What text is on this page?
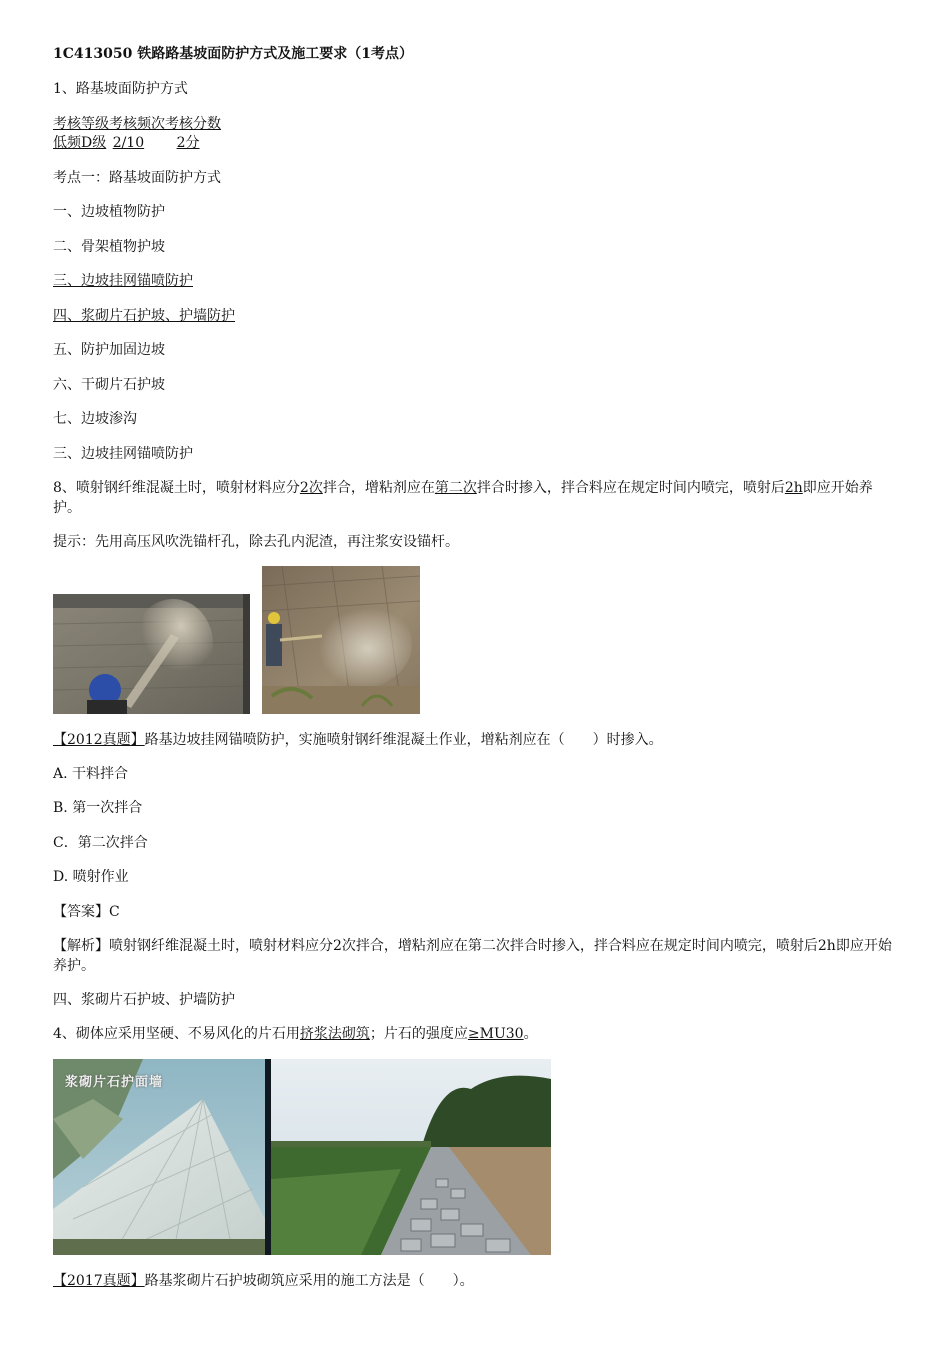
1C413050 铁路路基坡面防护方式及施工要求（1考点）
1、路基坡面防护方式
考核等级考核频次考核分数
低频D级 2/10 2分
考点一：路基坡面防护方式
一、边坡植物防护
二、骨架植物护坡
三、边坡挂网锚喷防护
四、浆砌片石护坡、护墙防护
五、防护加固边坡
六、干砌片石护坡
七、边坡渗沟
三、边坡挂网锚喷防护
8、喷射钢纤维混凝土时，喷射材料应分2次拌合，增粘剂应在第二次拌合时掺入，拌合料应在规定时间内喷完，喷射后2h即应开始养护。
提示：先用高压风吹洗锚杆孔，除去孔内泥渣，再注浆安设锚杆。
【2012真题】路基边坡挂网锚喷防护，实施喷射钢纤维混凝土作业，增粘剂应在（　　）时掺入。
A. 干料拌合
B. 第一次拌合
C．第二次拌合
D. 喷射作业
【答案】C
【解析】喷射钢纤维混凝土时，喷射材料应分2次拌合，增粘剂应在第二次拌合时掺入，拌合料应在规定时间内喷完，喷射后2h即应开始养护。
四、浆砌片石护坡、护墙防护
4、砌体应采用坚硬、不易风化的片石用挤浆法砌筑；片石的强度应≥MU30。
浆砌片石护面墙
【2017真题】路基浆砌片石护坡砌筑应采用的施工方法是（　　）。
